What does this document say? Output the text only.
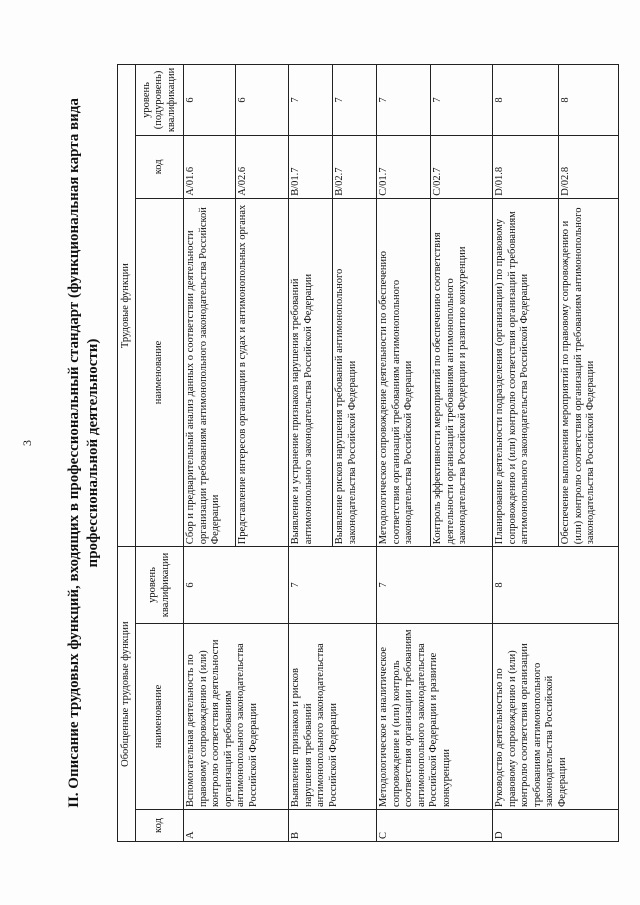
3 II. Описание трудовых функций, входящих в профессиональный стандарт (функциональная карта вида профессиональной деятельности)
Обобщенные трудовые функции			Трудовые функции		
код	наименование	уровень квалификации	наименование	код	уровень (подуровень) квалификации
A	Вспомогательная деятельность по правовому сопровождению и (или) контролю соответствия деятельности организаций требованиям антимонопольного законодательства Российской Федерации	6	Сбор и предварительный анализ данных о соответствии деятельности организации требованиям антимонопольного законодательства Российской Федерации	A/01.6	6
			Представление интересов организации в судах и антимонопольных органах	A/02.6	6
B	Выявление признаков и рисков нарушения требований антимонопольного законодательства Российской Федерации	7	Выявление и устранение признаков нарушения требований антимонопольного законодательства Российской Федерации	B/01.7	7
			Выявление рисков нарушения требований антимонопольного законодательства Российской Федерации	B/02.7	7
C	Методологическое и аналитическое сопровождение и (или) контроль соответствия организации требованиям антимонопольного законодательства Российской Федерации и развитие конкуренции	7	Методологическое сопровождение деятельности по обеспечению соответствия организаций требованиям антимонопольного законодательства Российской Федерации	C/01.7	7
			Контроль эффективности мероприятий по обеспечению соответствия деятельности организаций требованиям антимонопольного законодательства Российской Федерации и развитию конкуренции	C/02.7	7
D	Руководство деятельностью по правовому сопровождению и (или) контролю соответствия организации требованиям антимонопольного законодательства Российской Федерации	8	Планирование деятельности подразделения (организации) по правовому сопровождению и (или) контролю соответствия организаций требованиям антимонопольного законодательства Российской Федерации	D/01.8	8
			Обеспечение выполнения мероприятий по правовому сопровождению и (или) контролю соответствия организаций требованиям антимонопольного законодательства Российской Федерации	D/02.8	8
